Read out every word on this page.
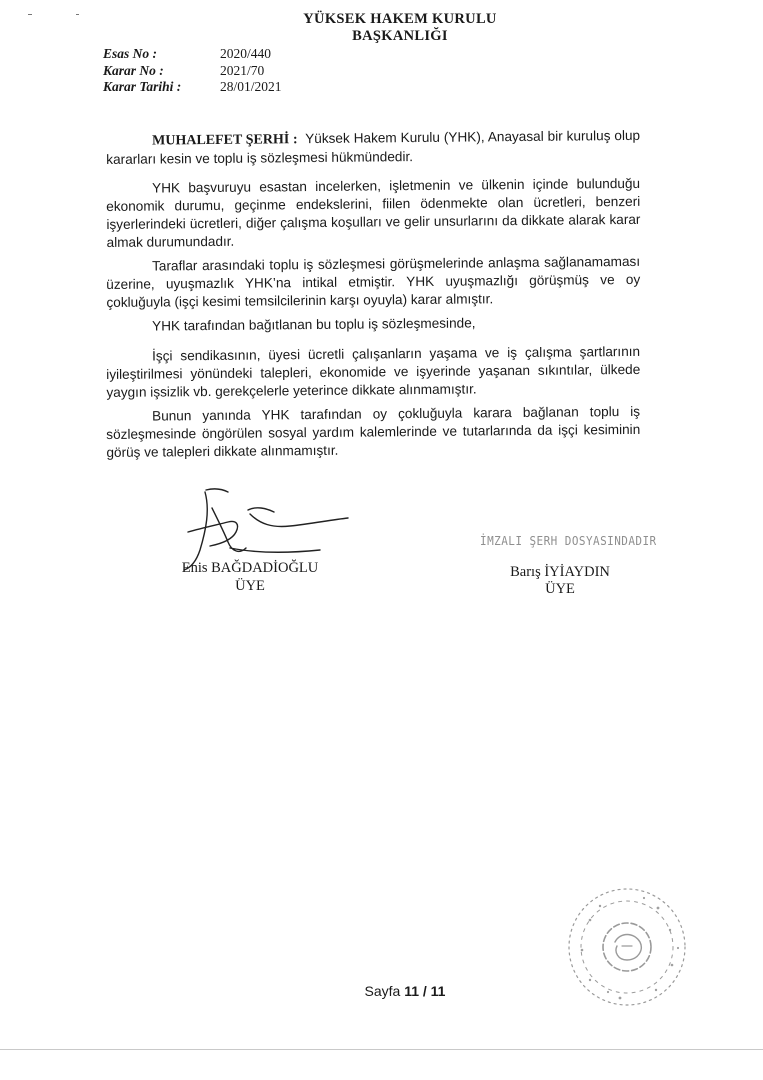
YÜKSEK HAKEM KURULU
BAŞKANLIĞI
Esas No :	2020/440
Karar No :	2021/70
Karar Tarihi :	28/01/2021

MUHALEFET ŞERHİ : Yüksek Hakem Kurulu (YHK), Anayasal bir kuruluş olup kararları kesin ve toplu iş sözleşmesi hükmündedir.

YHK başvuruyu esastan incelerken, işletmenin ve ülkenin içinde bulunduğu ekonomik durumu, geçinme endekslerini, fiilen ödenmekte olan ücretleri, benzeri işyerlerindeki ücretleri, diğer çalışma koşulları ve gelir unsurlarını da dikkate alarak karar almak durumundadır.

Taraflar arasındaki toplu iş sözleşmesi görüşmelerinde anlaşma sağlanamaması üzerine, uyuşmazlık YHK’na intikal etmiştir. YHK uyuşmazlığı görüşmüş ve oy çokluğuyla (işçi kesimi temsilcilerinin karşı oyuyla) karar almıştır.

YHK tarafından bağıtlanan bu toplu iş sözleşmesinde,

İşçi sendikasının, üyesi ücretli çalışanların yaşama ve iş çalışma şartlarının iyileştirilmesi yönündeki talepleri, ekonomide ve işyerinde yaşanan sıkıntılar, ülkede yaygın işsizlik vb. gerekçelerle yeterince dikkate alınmamıştır.

Bunun yanında YHK tarafından oy çokluğuyla karara bağlanan toplu iş sözleşmesinde öngörülen sosyal yardım kalemlerinde ve tutarlarında da işçi kesiminin görüş ve talepleri dikkate alınmamıştır.

Enis BAĞDADİOĞLU
ÜYE
İMZALI ŞERH DOSYASINDADIR
Barış İYİAYDIN
ÜYE
Sayfa 11 / 11
